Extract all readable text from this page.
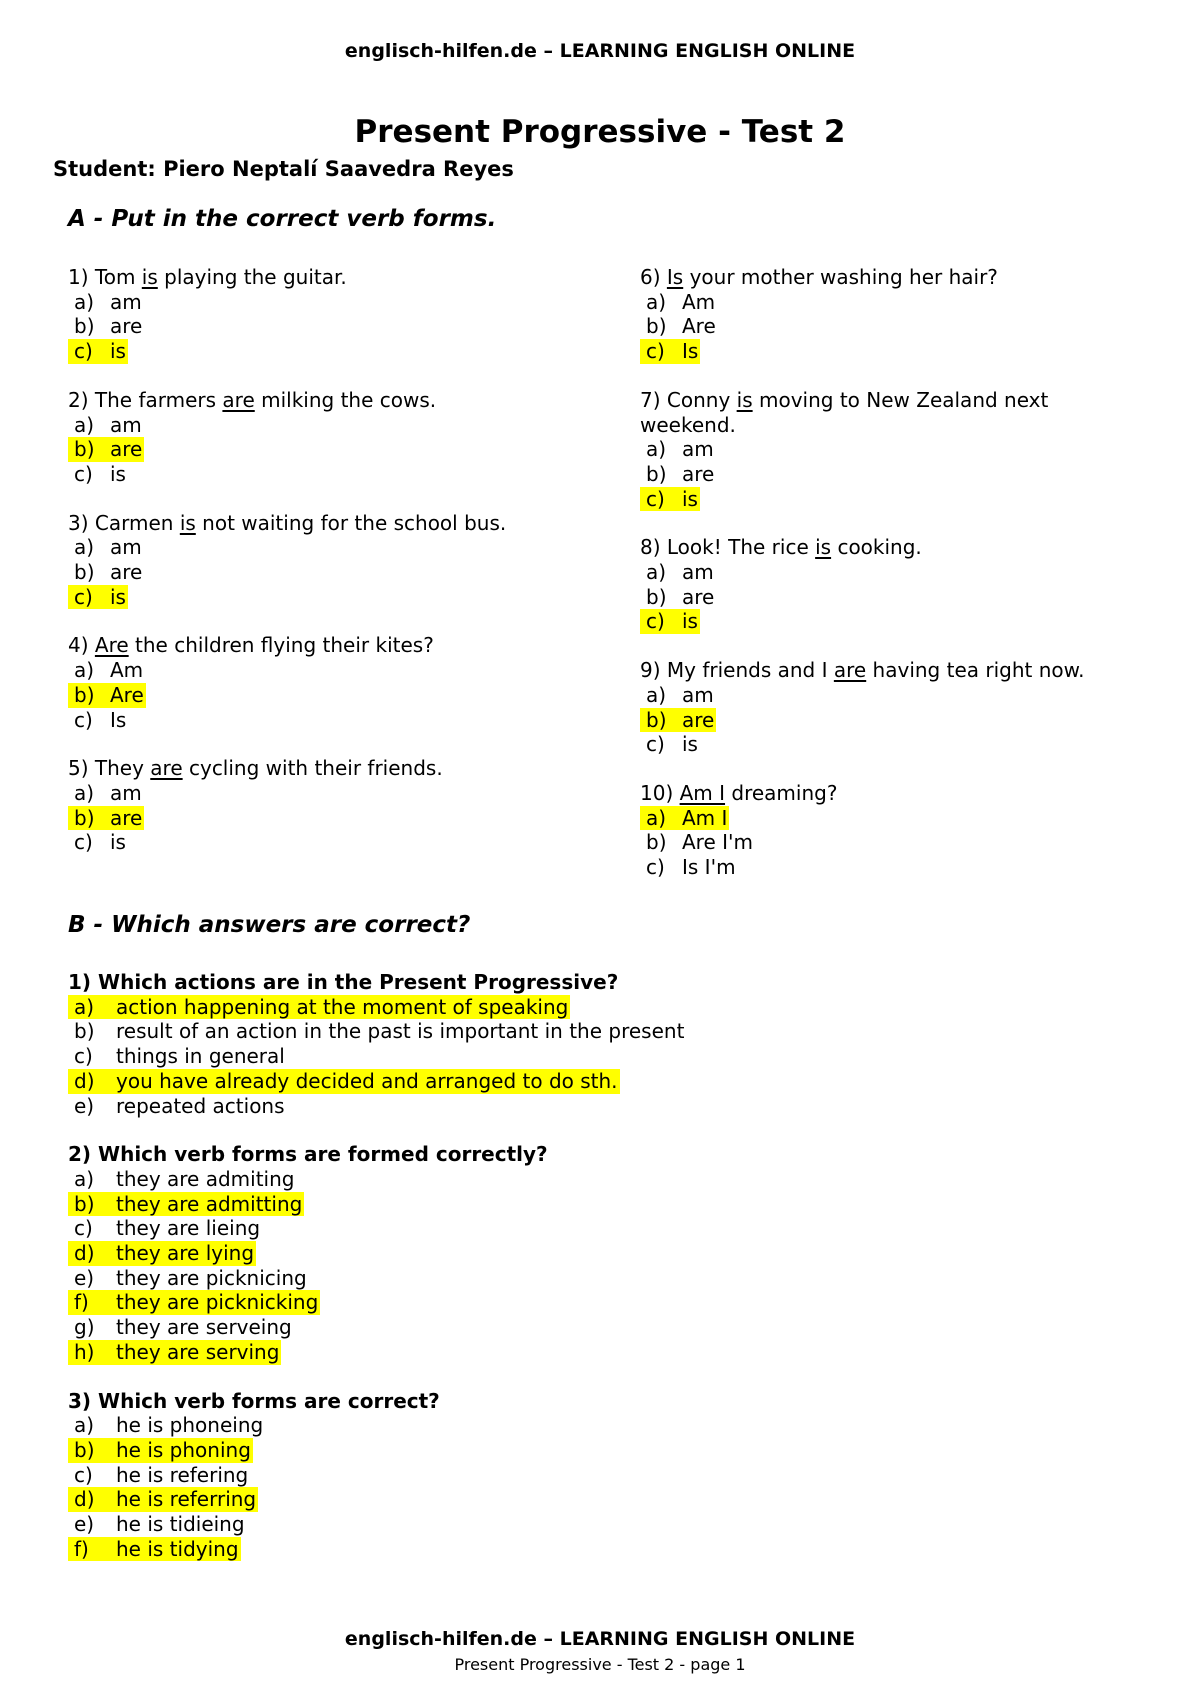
englisch-hilfen.de – LEARNING ENGLISH ONLINE
Present Progressive - Test 2
Student: Piero Neptalí Saavedra Reyes
A - Put in the correct verb forms.
1) Tom is playing the guitar.
a) am
b) are
c) is
2) The farmers are milking the cows.
a) am
b) are
c) is
3) Carmen is not waiting for the school bus.
a) am
b) are
c) is
4) Are the children flying their kites?
a) Am
b) Are
c) Is
5) They are cycling with their friends.
a) am
b) are
c) is
6) Is your mother washing her hair?
a) Am
b) Are
c) Is
7) Conny is moving to New Zealand next
weekend.
a) am
b) are
c) is
8) Look! The rice is cooking.
a) am
b) are
c) is
9) My friends and I are having tea right now.
a) am
b) are
c) is
10) Am I dreaming?
a) Am I
b) Are I'm
c) Is I'm
B - Which answers are correct?
1) Which actions are in the Present Progressive?
a) action happening at the moment of speaking
b) result of an action in the past is important in the present
c) things in general
d) you have already decided and arranged to do sth.
e) repeated actions
2) Which verb forms are formed correctly?
a) they are admiting
b) they are admitting
c) they are lieing
d) they are lying
e) they are picknicing
f) they are picknicking
g) they are serveing
h) they are serving
3) Which verb forms are correct?
a) he is phoneing
b) he is phoning
c) he is refering
d) he is referring
e) he is tidieing
f) he is tidying
englisch-hilfen.de – LEARNING ENGLISH ONLINE
Present Progressive - Test 2 - page 1
